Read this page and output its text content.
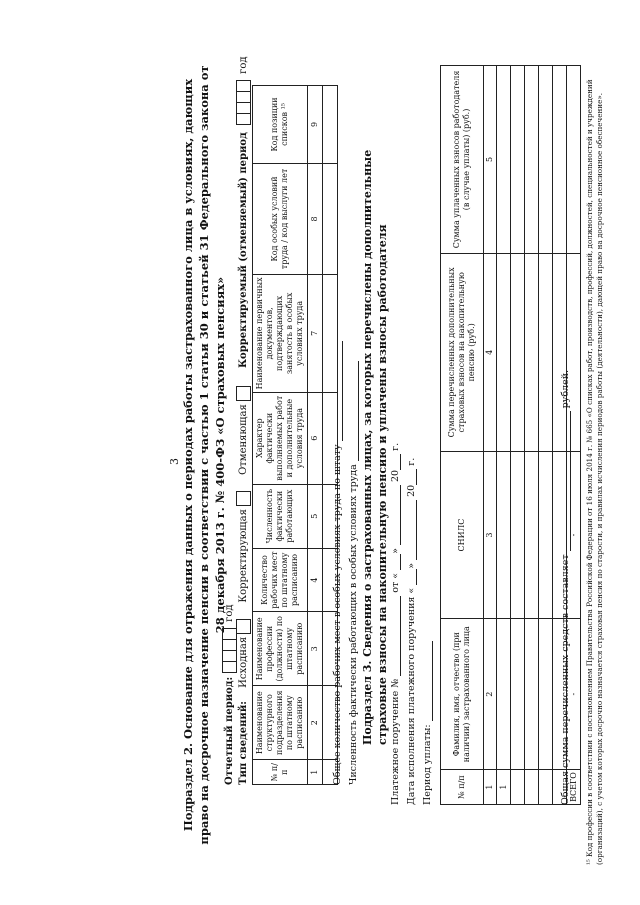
3 Подраздел 2. Основание для отражения данных о периодах работы застрахованного лица в условиях, дающих право на досрочное назначение пенсии в соответствии с частью 1 статьи 30 и статьей 31 Федерального закона от 28 декабря 2013 г. № 400-ФЗ «О страховых пенсиях»
Отчетный период:  год
Тип сведений: Исходная Корректирующая Отменяющая Корректируемый (отменяемый) период  год
№ п/п	Наименование структурного подразделения по штатному расписанию	Наименование профессии (должности) по штатному расписанию	Количество рабочих мест по штатному расписанию	Численность фактически работающих	Характер фактически выполняемых работ и дополнительные условия труда	Наименование первичных документов, подтверждающих занятость в особых условиях труда	Код особых условий труда / код выслуги лет	Код позиции списков ¹⁵
1	2	3	4	5	6	7	8	9

Общее количество рабочих мест в особых условиях труда по штату Численность фактически работающих в особых условиях труда Подраздел 3. Сведения о застрахованных лицах, за которых перечислены дополнительные страховые взносы на накопительную пенсию и уплачены взносы работодателя Платежное поручение №  от « »  20 г.
Дата исполнения платежного поручения « »  20 г.
Период уплаты:	№ п/п	Фамилия, имя, отчество (при наличии) застрахованного лица	СНИЛС	Сумма перечисленных дополнительных страховых взносов на накопительную пенсию (руб.)	Сумма уплаченных взносов работодателя (в случае уплаты) (руб.)
1	2	3	4	5
1				

ВСЕГО	-	-		
Общая сумма перечисленных средств составляет  рублей. ¹⁵ Код профессии в соответствии с постановлением Правительства Российской Федерации от 16 июля 2014 г. № 665 «О списках работ, производств, профессий, должностей, специальностей и учреждений (организаций), с учетом которых досрочно назначается страховая пенсия по старости, и правилах исчисления периодов работы (деятельности), дающей право на досрочное пенсионное обеспечение».
